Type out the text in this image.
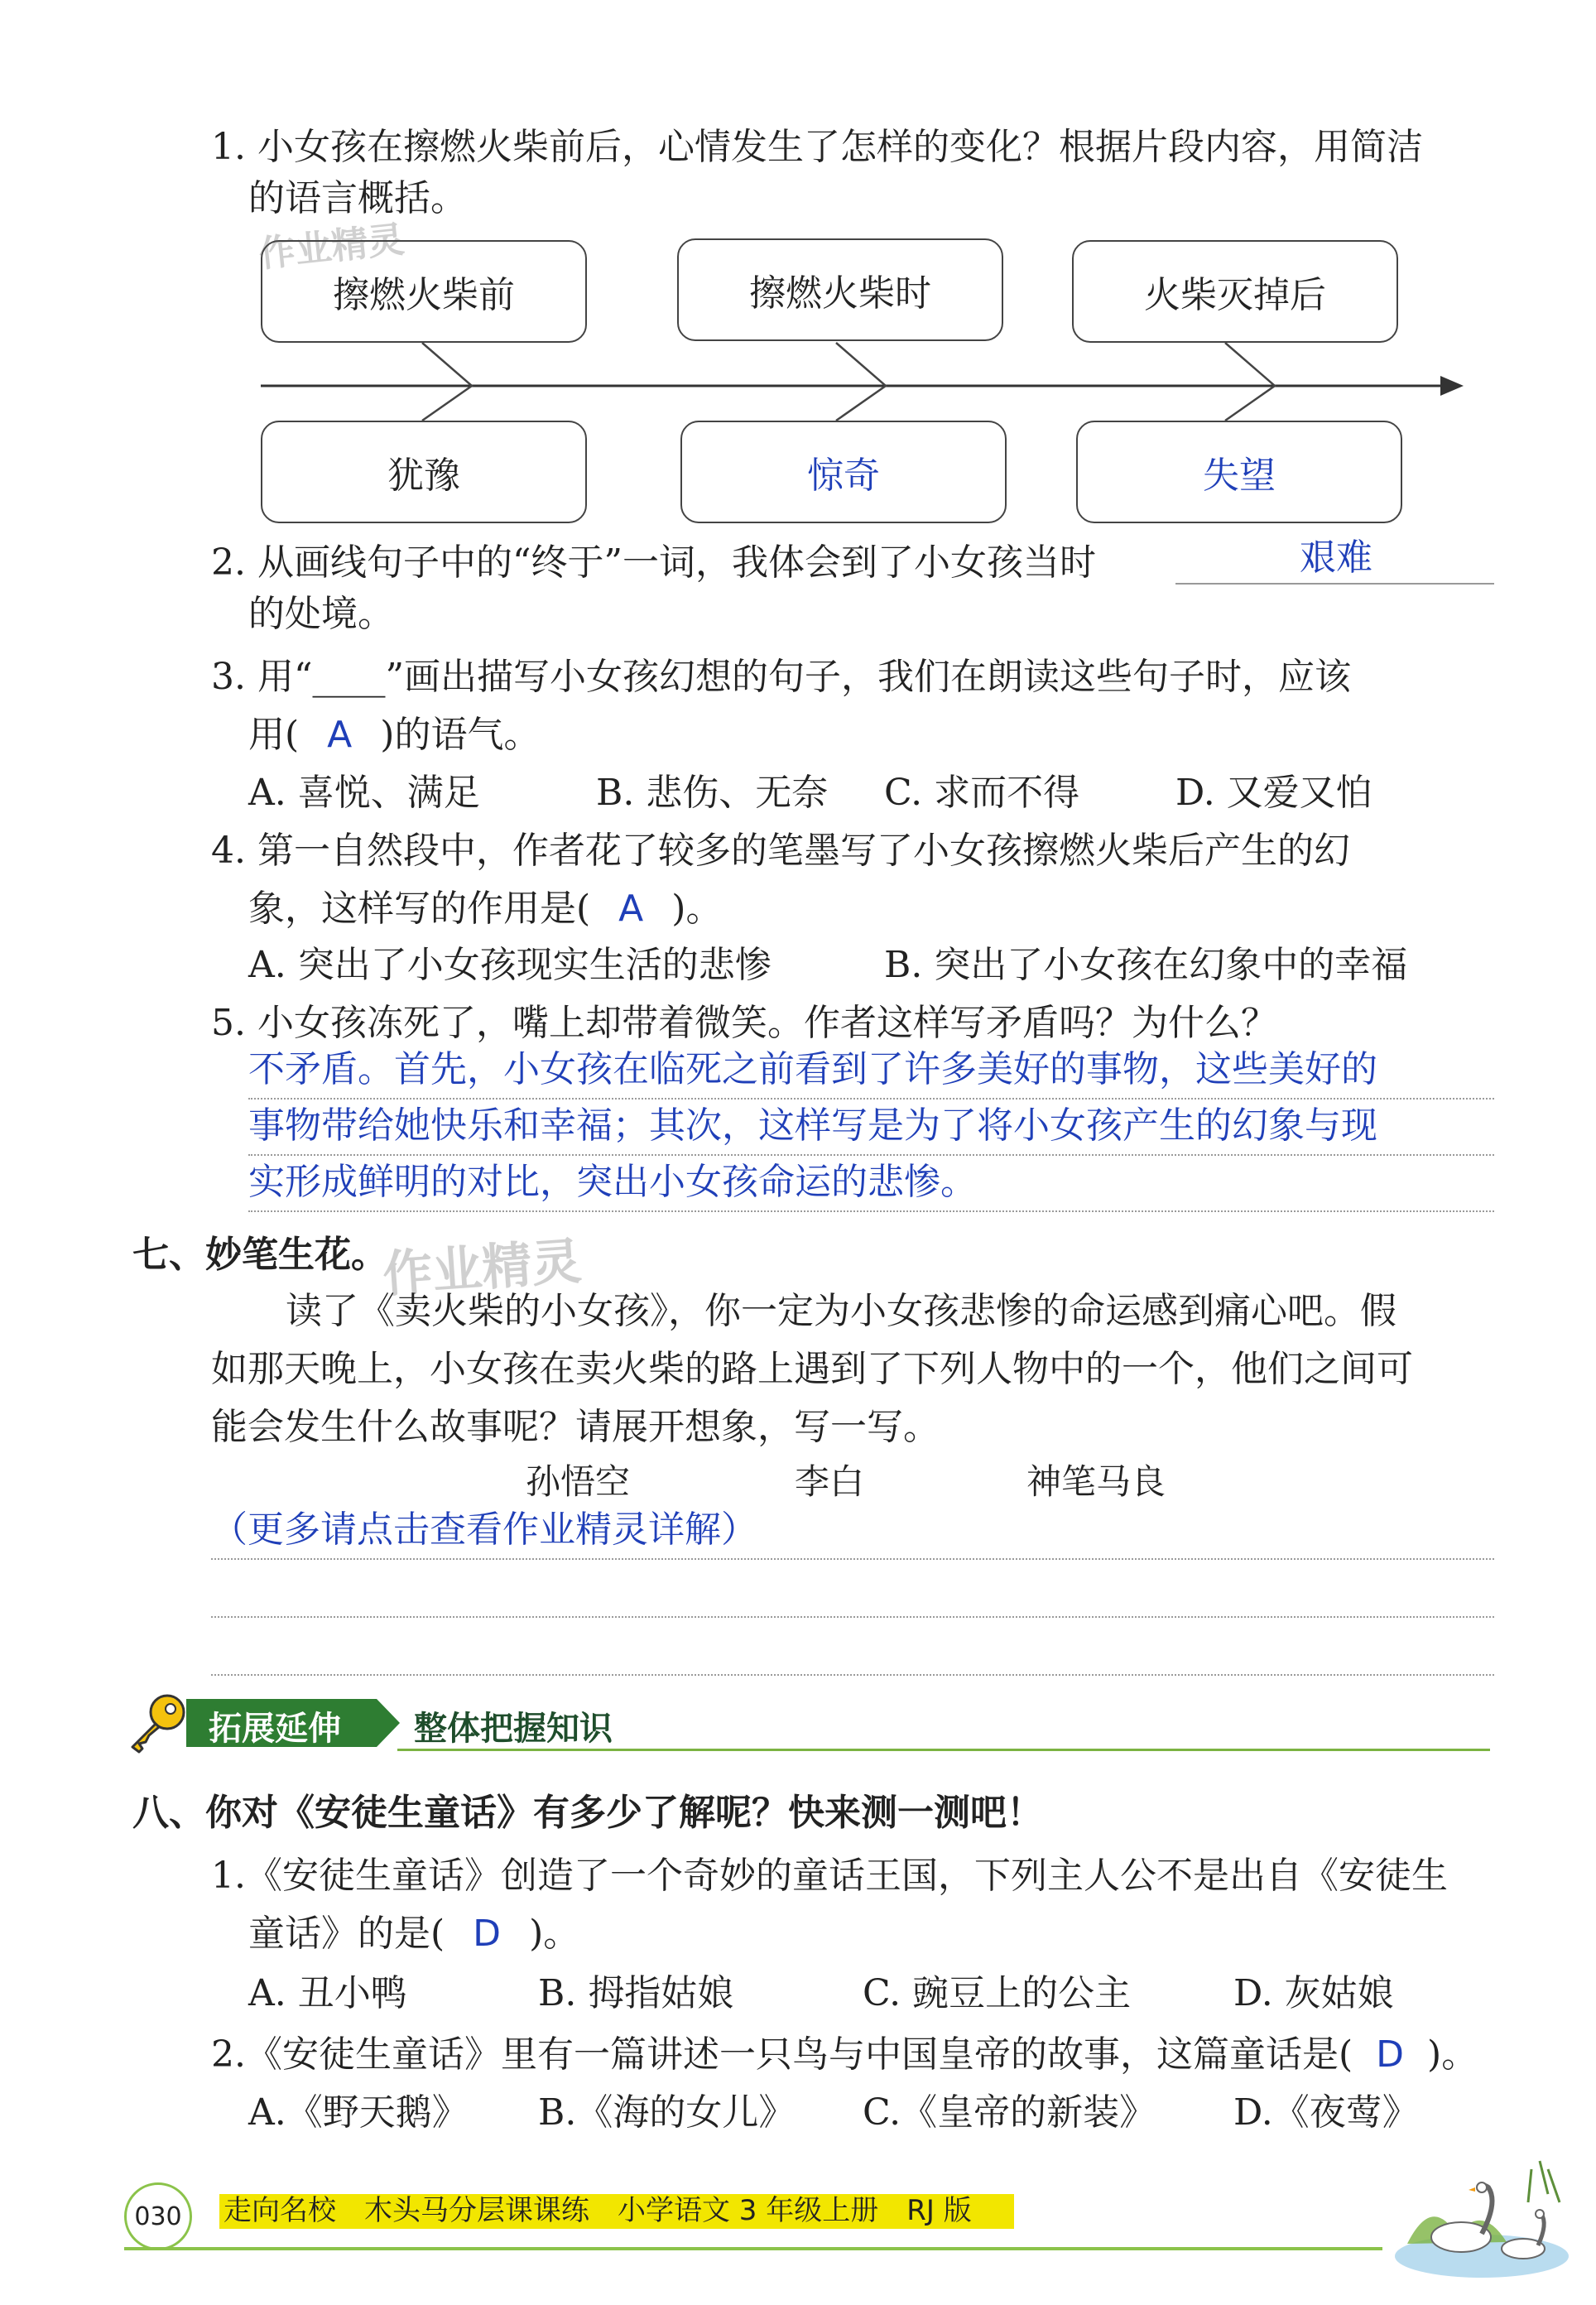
1. 小女孩在擦燃火柴前后，心情发生了怎样的变化？根据片段内容，用简洁
的语言概括。
作业精灵
擦燃火柴前	擦燃火柴时	火柴灭掉后
犹豫	惊奇	失望
2. 从画线句子中的“终于”一词，我体会到了小女孩当时	艰难
的处境。
3. 用“____”画出描写小女孩幻想的句子，我们在朗读这些句子时，应该
用( A )的语气。
A. 喜悦、满足	B. 悲伤、无奈 C. 求而不得	D. 又爱又怕
4. 第一自然段中，作者花了较多的笔墨写了小女孩擦燃火柴后产生的幻
象，这样写的作用是( A )。
A. 突出了小女孩现实生活的悲惨	B. 突出了小女孩在幻象中的幸福
5. 小女孩冻死了，嘴上却带着微笑。作者这样写矛盾吗？为什么？
不矛盾。首先，小女孩在临死之前看到了许多美好的事物，这些美好的
事物带给她快乐和幸福；其次，这样写是为了将小女孩产生的幻象与现
实形成鲜明的对比，突出小女孩命运的悲惨。
七、妙笔生花。
作业精灵
读了《卖火柴的小女孩》，你一定为小女孩悲惨的命运感到痛心吧。假
如那天晚上，小女孩在卖火柴的路上遇到了下列人物中的一个，他们之间可
能会发生什么故事呢？请展开想象，写一写。
孙悟空	李白	神笔马良
（更多请点击查看作业精灵详解）
拓展延伸 整体把握知识
八、你对《安徒生童话》有多少了解呢？快来测一测吧！
1.《安徒生童话》创造了一个奇妙的童话王国，下列主人公不是出自《安徒生
童话》的是( D )。
A. 丑小鸭	B. 拇指姑娘	C. 豌豆上的公主	D. 灰姑娘
2.《安徒生童话》里有一篇讲述一只鸟与中国皇帝的故事，这篇童话是( D )。
A.《野天鹅》 B.《海的女儿》 C.《皇帝的新装》 D.《夜莺》
030 走向名校　木头马分层课课练　小学语文 3 年级上册　RJ 版
